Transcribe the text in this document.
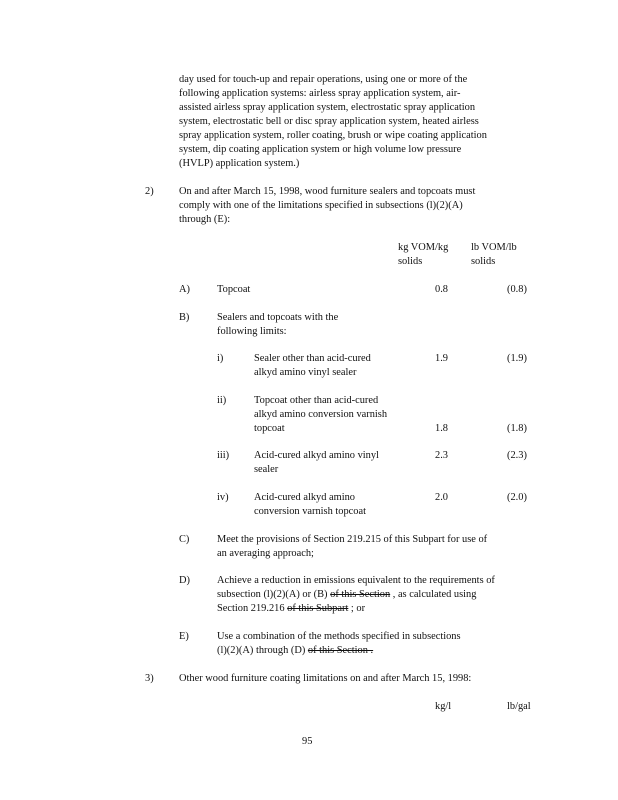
day used for touch-up and repair operations, using one or more of the
following application systems: airless spray application system, air-
assisted airless spray application system, electrostatic spray application
system, electrostatic bell or disc spray application system, heated airless
spray application system, roller coating, brush or wipe coating application
system, dip coating application system or high volume low pressure
(HVLP) application system.)
2) On and after March 15, 1998, wood furniture sealers and topcoats must
comply with one of the limitations specified in subsections (l)(2)(A)
through (E):
kg VOM/kg
solids
lb VOM/lb
solids
A)	Topcoat	0.8	(0.8)
B)	Sealers and topcoats with the
following limits:
i)	Sealer other than acid-cured
alkyd amino vinyl sealer
1.9	(1.9)
ii)	Topcoat other than acid-cured
alkyd amino conversion varnish
topcoat	1.8	(1.8)
iii) Acid-cured alkyd amino vinyl
sealer
2.3	(2.3)
iv) Acid-cured alkyd amino
conversion varnish topcoat
2.0	(2.0)
C)	Meet the provisions of Section 219.215 of this Subpart for use of
an averaging approach;
D)	Achieve a reduction in emissions equivalent to the requirements of
subsection (l)(2)(A) or (B) of this Section , as calculated using
Section 219.216 of this Subpart ; or
E)	Use a combination of the methods specified in subsections
(l)(2)(A) through (D) of this Section .
3) Other wood furniture coating limitations on and after March 15, 1998:
kg/l	lb/gal
95
